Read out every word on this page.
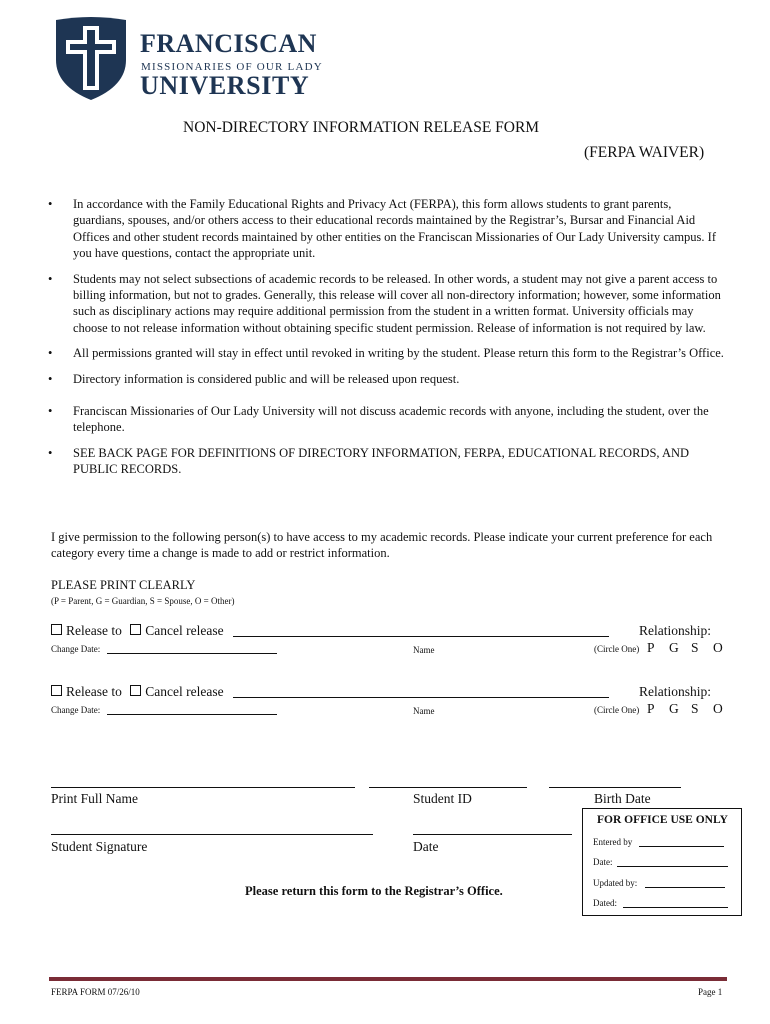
FRANCISCAN
MISSIONARIES OF OUR LADY
UNIVERSITY
NON-DIRECTORY INFORMATION RELEASE FORM
(FERPA WAIVER)
• In accordance with the Family Educational Rights and Privacy Act (FERPA), this form allows students to grant parents, guardians, spouses, and/or others access to their educational records maintained by the Registrar’s, Bursar and Financial Aid Offices and other student records maintained by other entities on the Franciscan Missionaries of Our Lady University campus. If you have questions, contact the appropriate unit.
• Students may not select subsections of academic records to be released. In other words, a student may not give a parent access to billing information, but not to grades. Generally, this release will cover all non-directory information; however, some information such as disciplinary actions may require additional permission from the student in a written format. University officials may choose to not release information without obtaining specific student permission. Release of information is not required by law.
• All permissions granted will stay in effect until revoked in writing by the student. Please return this form to the Registrar’s Office.
• Directory information is considered public and will be released upon request.
• Franciscan Missionaries of Our Lady University will not discuss academic records with anyone, including the student, over the telephone.
• SEE BACK PAGE FOR DEFINITIONS OF DIRECTORY INFORMATION, FERPA, EDUCATIONAL RECORDS, AND PUBLIC RECORDS.
I give permission to the following person(s) to have access to my academic records. Please indicate your current preference for each category every time a change is made to add or restrict information.
PLEASE PRINT CLEARLY
(P = Parent, G = Guardian, S = Spouse, O = Other)
Release to Cancel release	Relationship:
Change Date:	Name	(Circle One) P G S O
Release to Cancel release	Relationship:
Change Date:	Name	(Circle One) P G S O
Print Full Name	Student ID	Birth Date
Student Signature	Date
FOR OFFICE USE ONLY
Entered by
Date:
Updated by:
Dated:
Please return this form to the Registrar’s Office.
FERPA FORM 07/26/10	Page 1
